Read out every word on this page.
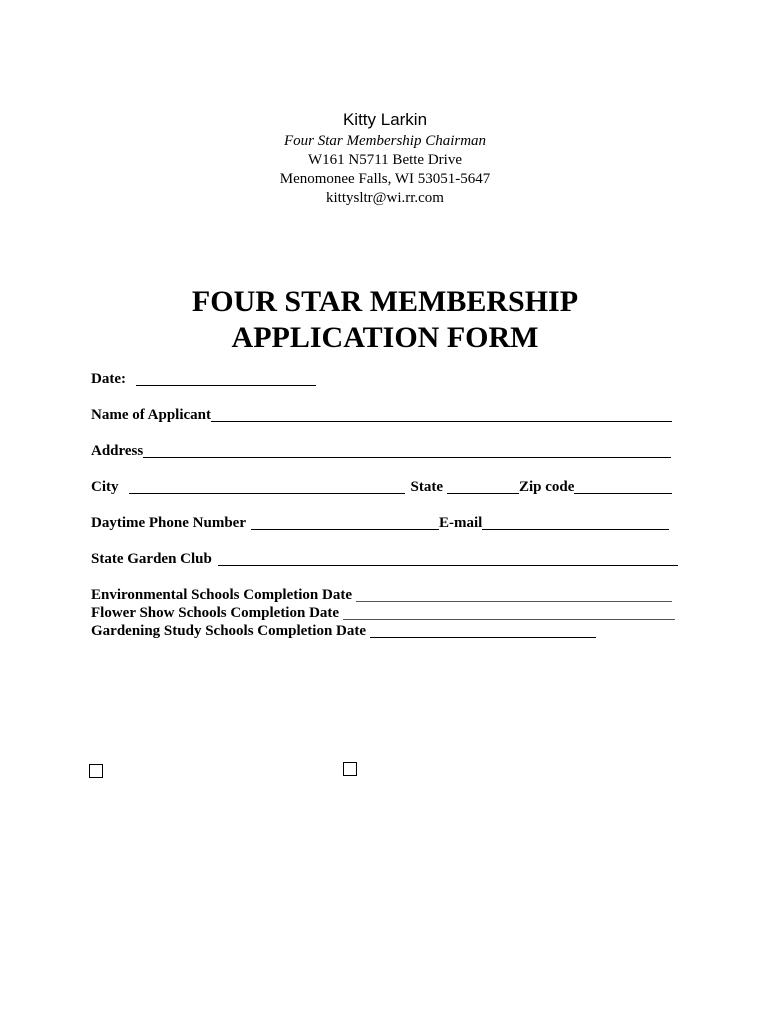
Kitty Larkin
Four Star Membership Chairman
W161 N5711 Bette Drive
Menomonee Falls, WI 53051-5647
kittysltr@wi.rr.com
FOUR STAR MEMBERSHIP
APPLICATION FORM
Date:
Name of Applicant
Address
City	State	Zip code
Daytime Phone Number	E-mail
State Garden Club
Environmental Schools Completion Date
Flower Show Schools Completion Date
Gardening Study Schools Completion Date
